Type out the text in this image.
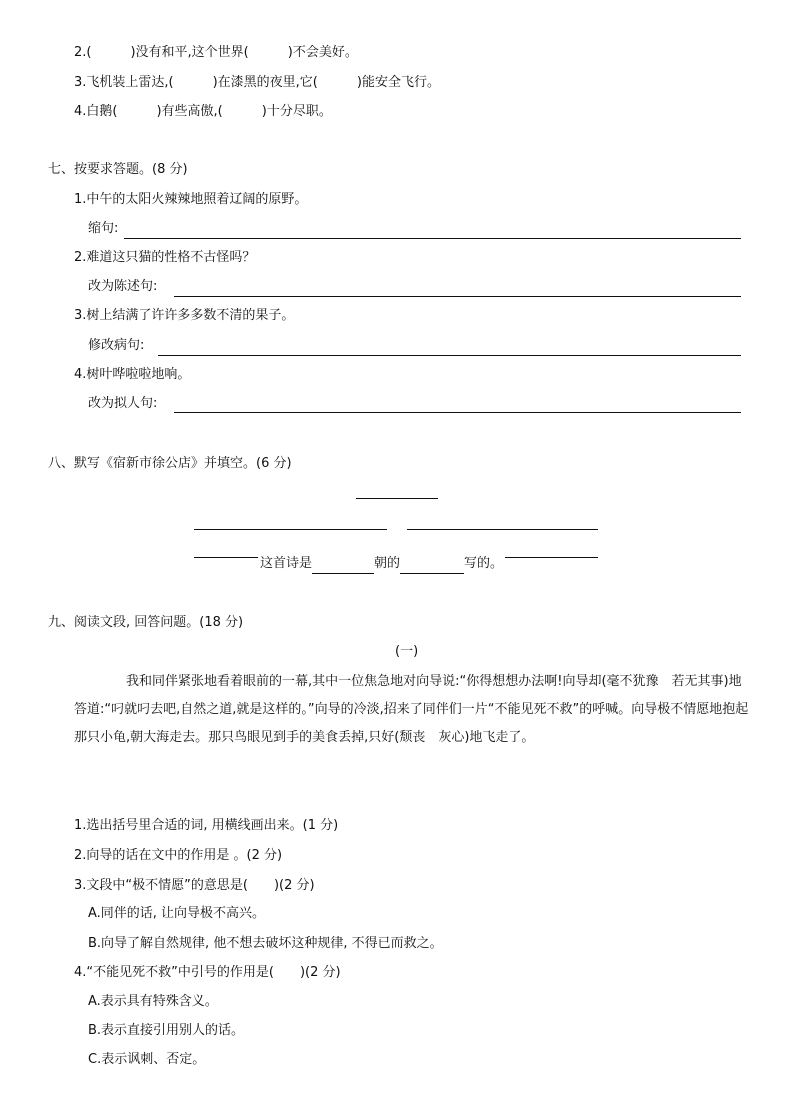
2.(　　　)没有和平,这个世界(　　　)不会美好。
3.飞机装上雷达,(　　　)在漆黑的夜里,它(　　　)能安全飞行。
4.白鹅(　　　)有些高傲,(　　　)十分尽职。
七、按要求答题。(8 分)
1.中午的太阳火辣辣地照着辽阔的原野。
缩句:
2.难道这只猫的性格不古怪吗？
改为陈述句:
3.树上结满了许许多多数不清的果子。
修改病句:
4.树叶哗啦啦地响。
改为拟人句:
八、默写《宿新市徐公店》并填空。(6 分)
这首诗是	朝的	写的。
九、阅读文段, 回答问题。(18 分)
(一)
我和同伴紧张地看着眼前的一幕,其中一位焦急地对向导说:“你得想想办法啊!向导却(毫不犹豫　若无其事)地答道:“叼就叼去吧,自然之道,就是这样的。”向导的冷淡,招来了同伴们一片“不能见死不救”的呼喊。向导极不情愿地抱起那只小龟,朝大海走去。那只鸟眼见到手的美食丢掉,只好(颓丧　灰心)地飞走了。
1.选出括号里合适的词, 用横线画出来。(1 分)
2.向导的话在文中的作用是 。(2 分)
3.文段中“极不情愿”的意思是(　　)(2 分)
A.同伴的话, 让向导极不高兴。
B.向导了解自然规律, 他不想去破坏这种规律, 不得已而救之。
4.“不能见死不救”中引号的作用是(　　)(2 分)
A.表示具有特殊含义。
B.表示直接引用别人的话。
C.表示讽刺、否定。
